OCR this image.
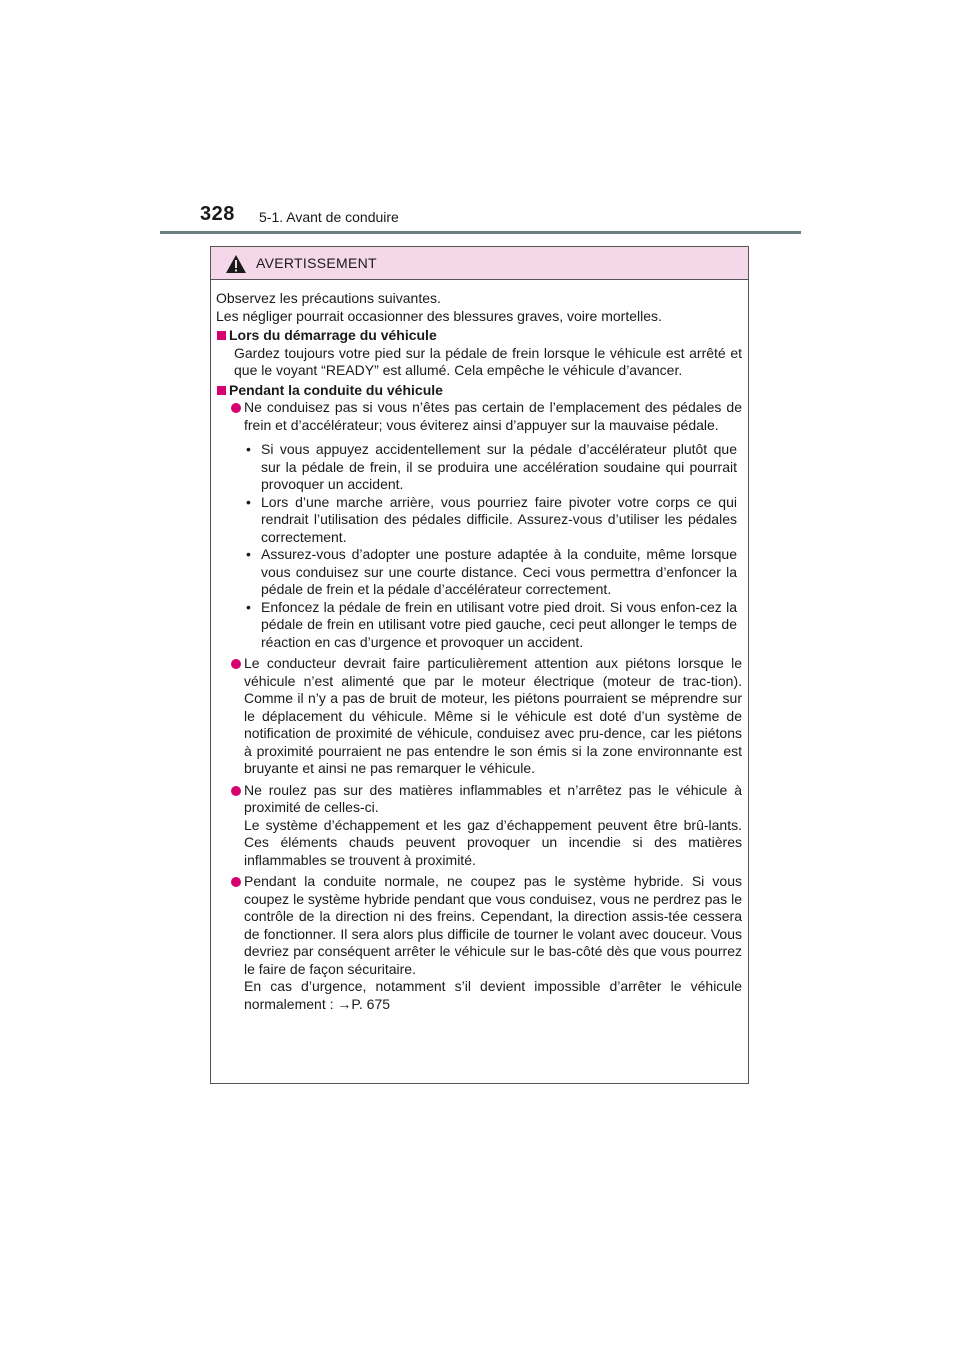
328 5-1. Avant de conduire
AVERTISSEMENT

Observez les précautions suivantes.

Les négliger pourrait occasionner des blessures graves, voire mortelles.

Lors du démarrage du véhicule

Gardez toujours votre pied sur la pédale de frein lorsque le véhicule est arrêté et que le voyant “READY” est allumé. Cela empêche le véhicule d’avancer.

Pendant la conduite du véhicule

Ne conduisez pas si vous n’êtes pas certain de l’emplacement des pédales de frein et d’accélérateur; vous éviterez ainsi d’appuyer sur la mauvaise pédale.

• Si vous appuyez accidentellement sur la pédale d’accélérateur plutôt que sur la pédale de frein, il se produira une accélération soudaine qui pourrait provoquer un accident.

• Lors d’une marche arrière, vous pourriez faire pivoter votre corps ce qui rendrait l’utilisation des pédales difficile. Assurez-vous d’utiliser les pédales correctement.

• Assurez-vous d’adopter une posture adaptée à la conduite, même lorsque vous conduisez sur une courte distance. Ceci vous permettra d’enfoncer la pédale de frein et la pédale d’accélérateur correctement.

• Enfoncez la pédale de frein en utilisant votre pied droit. Si vous enfon-cez la pédale de frein en utilisant votre pied gauche, ceci peut allonger le temps de réaction en cas d’urgence et provoquer un accident.

Le conducteur devrait faire particulièrement attention aux piétons lorsque le véhicule n’est alimenté que par le moteur électrique (moteur de trac-tion). Comme il n’y a pas de bruit de moteur, les piétons pourraient se méprendre sur le déplacement du véhicule. Même si le véhicule est doté d’un système de notification de proximité de véhicule, conduisez avec pru-dence, car les piétons à proximité pourraient ne pas entendre le son émis si la zone environnante est bruyante et ainsi ne pas remarquer le véhicule.

Ne roulez pas sur des matières inflammables et n’arrêtez pas le véhicule à proximité de celles-ci.

Le système d’échappement et les gaz d’échappement peuvent être brû-lants. Ces éléments chauds peuvent provoquer un incendie si des matières inflammables se trouvent à proximité.

Pendant la conduite normale, ne coupez pas le système hybride. Si vous coupez le système hybride pendant que vous conduisez, vous ne perdrez pas le contrôle de la direction ni des freins. Cependant, la direction assis-tée cessera de fonctionner. Il sera alors plus difficile de tourner le volant avec douceur. Vous devriez par conséquent arrêter le véhicule sur le bas-côté dès que vous pourrez le faire de façon sécuritaire.

En cas d’urgence, notamment s’il devient impossible d’arrêter le véhicule normalement : →P. 675
